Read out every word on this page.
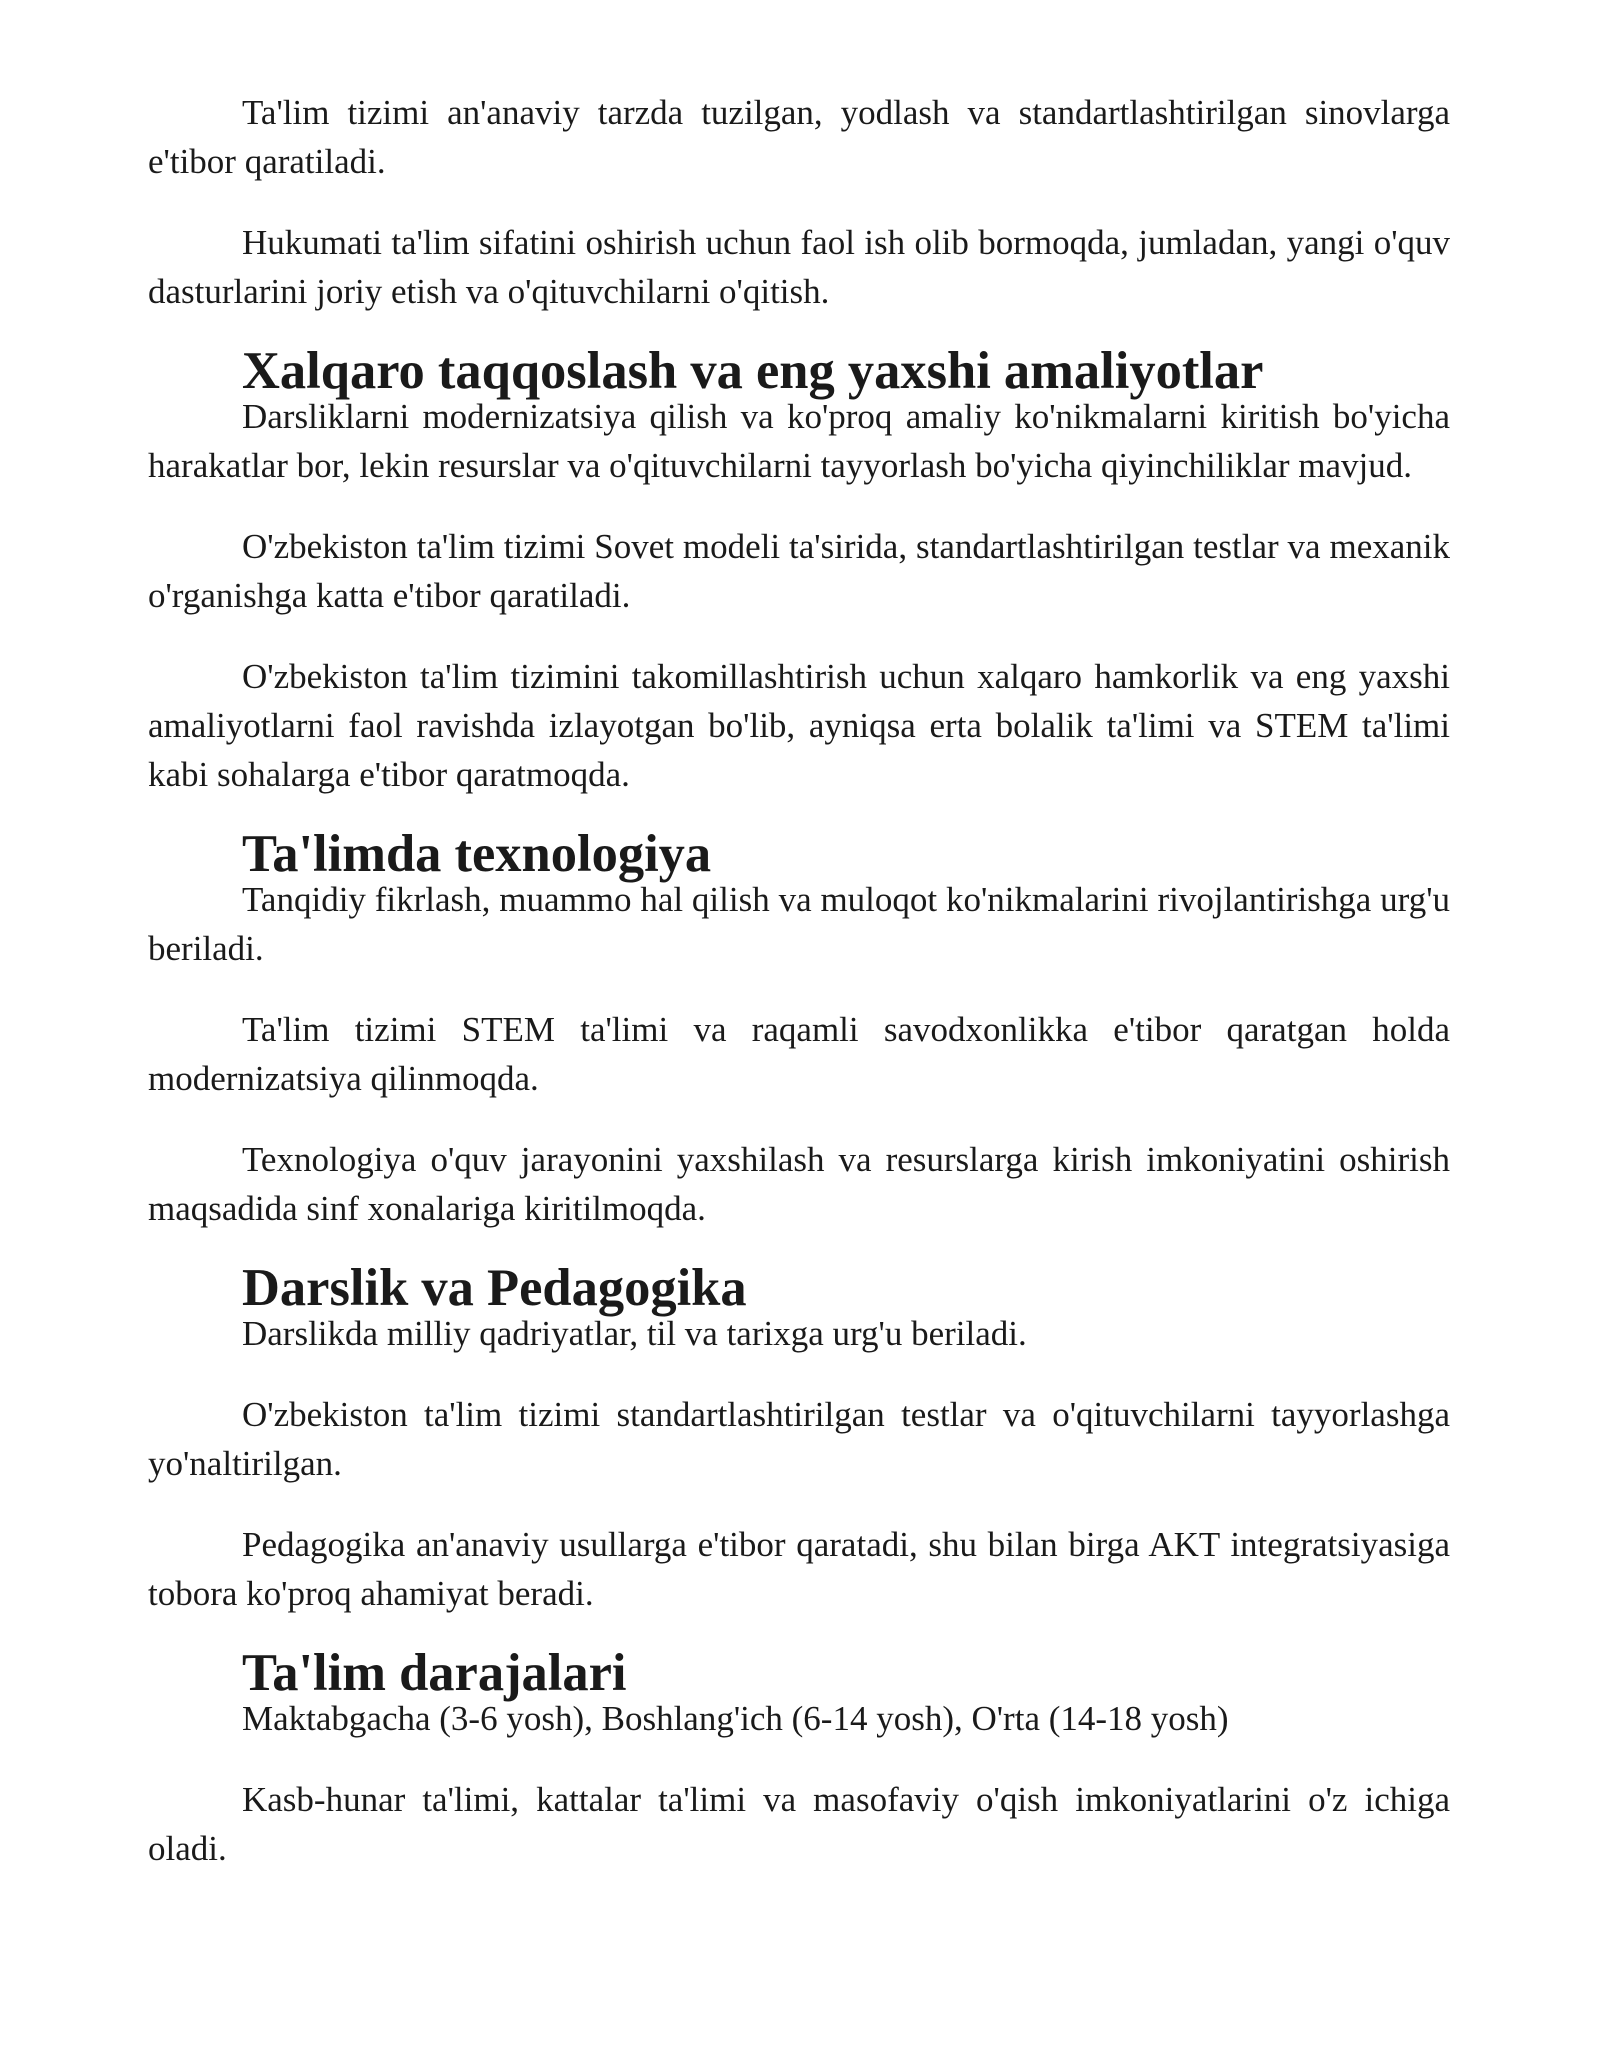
Ta'lim tizimi an'anaviy tarzda tuzilgan, yodlash va standartlashtirilgan sinovlarga e'tibor qaratiladi.

Hukumati ta'lim sifatini oshirish uchun faol ish olib bormoqda, jumladan, yangi o'quv dasturlarini joriy etish va o'qituvchilarni o'qitish.

Xalqaro taqqoslash va eng yaxshi amaliyotlar

Darsliklarni modernizatsiya qilish va ko'proq amaliy ko'nikmalarni kiritish bo'yicha harakatlar bor, lekin resurslar va o'qituvchilarni tayyorlash bo'yicha qiyinchiliklar mavjud.

O'zbekiston ta'lim tizimi Sovet modeli ta'sirida, standartlashtirilgan testlar va mexanik o'rganishga katta e'tibor qaratiladi.

O'zbekiston ta'lim tizimini takomillashtirish uchun xalqaro hamkorlik va eng yaxshi amaliyotlarni faol ravishda izlayotgan bo'lib, ayniqsa erta bolalik ta'limi va STEM ta'limi kabi sohalarga e'tibor qaratmoqda.

Ta'limda texnologiya

Tanqidiy fikrlash, muammo hal qilish va muloqot ko'nikmalarini rivojlantirishga urg'u beriladi.

Ta'lim tizimi STEM ta'limi va raqamli savodxonlikka e'tibor qaratgan holda modernizatsiya qilinmoqda.

Texnologiya o'quv jarayonini yaxshilash va resurslarga kirish imkoniyatini oshirish maqsadida sinf xonalariga kiritilmoqda.

Darslik va Pedagogika

Darslikda milliy qadriyatlar, til va tarixga urg'u beriladi.

O'zbekiston ta'lim tizimi standartlashtirilgan testlar va o'qituvchilarni tayyorlashga yo'naltirilgan.

Pedagogika an'anaviy usullarga e'tibor qaratadi, shu bilan birga AKT integratsiyasiga tobora ko'proq ahamiyat beradi.

Ta'lim darajalari

Maktabgacha (3-6 yosh), Boshlang'ich (6-14 yosh), O'rta (14-18 yosh)

Kasb-hunar ta'limi, kattalar ta'limi va masofaviy o'qish imkoniyatlarini o'z ichiga oladi.
